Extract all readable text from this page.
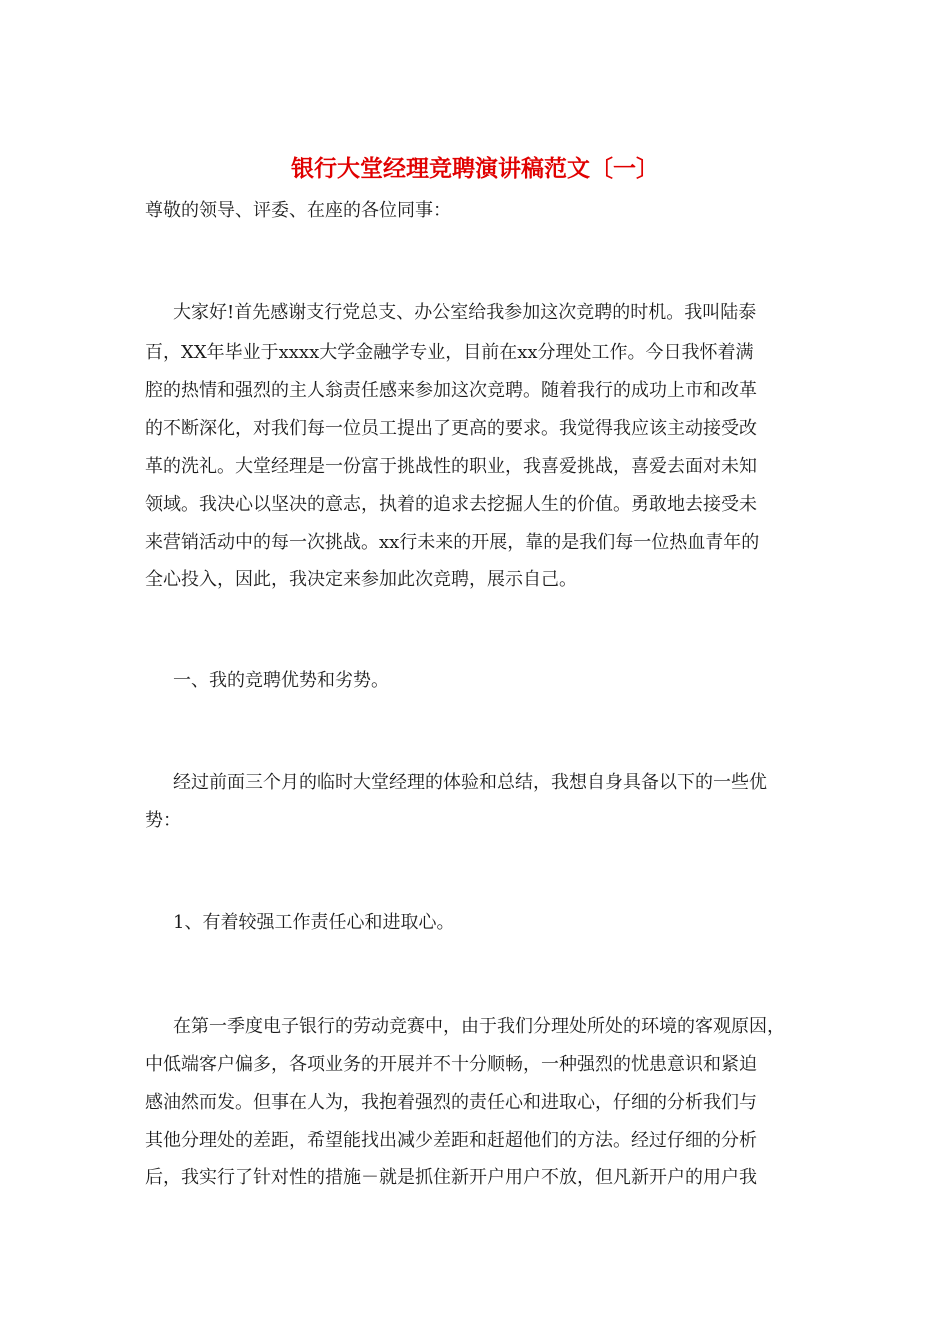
银行大堂经理竞聘演讲稿范文〔一〕

尊敬的领导、评委、在座的各位同事：

大家好!首先感谢支行党总支、办公室给我参加这次竞聘的时机。我叫陆泰

百，XX年毕业于xxxx大学金融学专业，目前在xx分理处工作。今日我怀着满

腔的热情和强烈的主人翁责任感来参加这次竞聘。随着我行的成功上市和改革

的不断深化，对我们每一位员工提出了更高的要求。我觉得我应该主动接受改

革的洗礼。大堂经理是一份富于挑战性的职业，我喜爱挑战，喜爱去面对未知

领域。我决心以坚决的意志，执着的追求去挖掘人生的价值。勇敢地去接受未

来营销活动中的每一次挑战。xx行未来的开展，靠的是我们每一位热血青年的

全心投入，因此，我决定来参加此次竞聘，展示自己。

一、我的竞聘优势和劣势。

经过前面三个月的临时大堂经理的体验和总结，我想自身具备以下的一些优

势：

1、有着较强工作责任心和进取心。

在第一季度电子银行的劳动竞赛中，由于我们分理处所处的环境的客观原因，

中低端客户偏多，各项业务的开展并不十分顺畅，一种强烈的忧患意识和紧迫

感油然而发。但事在人为，我抱着强烈的责任心和进取心，仔细的分析我们与

其他分理处的差距，希望能找出减少差距和赶超他们的方法。经过仔细的分析

后，我实行了针对性的措施－就是抓住新开户用户不放，但凡新开户的用户我
